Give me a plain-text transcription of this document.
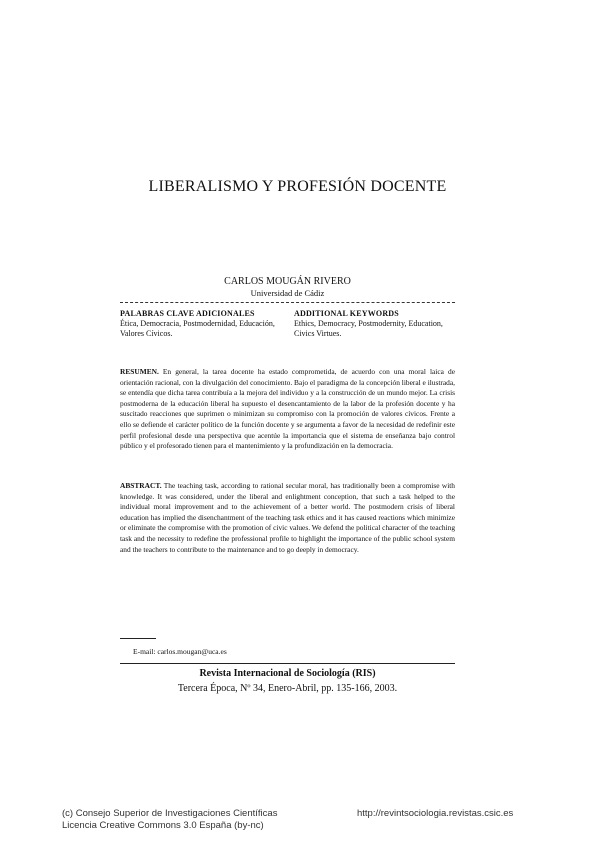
LIBERALISMO Y PROFESIÓN DOCENTE
CARLOS MOUGÁN RIVERO
Universidad de Cádiz
PALABRAS CLAVE ADICIONALES
Ética, Democracia, Postmodernidad, Educación, Valores Cívicos.
ADDITIONAL KEYWORDS
Ethics, Democracy, Postmodernity, Education, Civics Virtues.
RESUMEN. En general, la tarea docente ha estado comprometida, de acuerdo con una moral laica de orientación racional, con la divulgación del conocimiento. Bajo el paradigma de la concepción liberal e ilustrada, se entendía que dicha tarea contribuía a la mejora del individuo y a la construcción de un mundo mejor. La crisis postmoderna de la educación liberal ha supuesto el desencantamiento de la labor de la profesión docente y ha suscitado reacciones que suprimen o minimizan su compromiso con la promoción de valores cívicos. Frente a ello se defiende el carácter político de la función docente y se argumenta a favor de la necesidad de redefinir este perfil profesional desde una perspectiva que acentúe la importancia que el sistema de enseñanza bajo control público y el profesorado tienen para el mantenimiento y la profundización en la democracia.
ABSTRACT. The teaching task, according to rational secular moral, has traditionally been a compromise with knowledge. It was considered, under the liberal and enlightment conception, that such a task helped to the individual moral improvement and to the achievement of a better world. The postmodern crisis of liberal education has implied the disenchantment of the teaching task ethics and it has caused reactions which minimize or eliminate the compromise with the promotion of civic values. We defend the political character of the teaching task and the necessity to redefine the professional profile to highlight the importance of the public school system and the teachers to contribute to the maintenance and to go deeply in democracy.
E-mail: carlos.mougan@uca.es
Revista Internacional de Sociología (RIS)
Tercera Época, Nº 34, Enero-Abril, pp. 135-166, 2003.
(c) Consejo Superior de Investigaciones Científicas
Licencia Creative Commons 3.0 España (by-nc)
http://revintsociologia.revistas.csic.es
